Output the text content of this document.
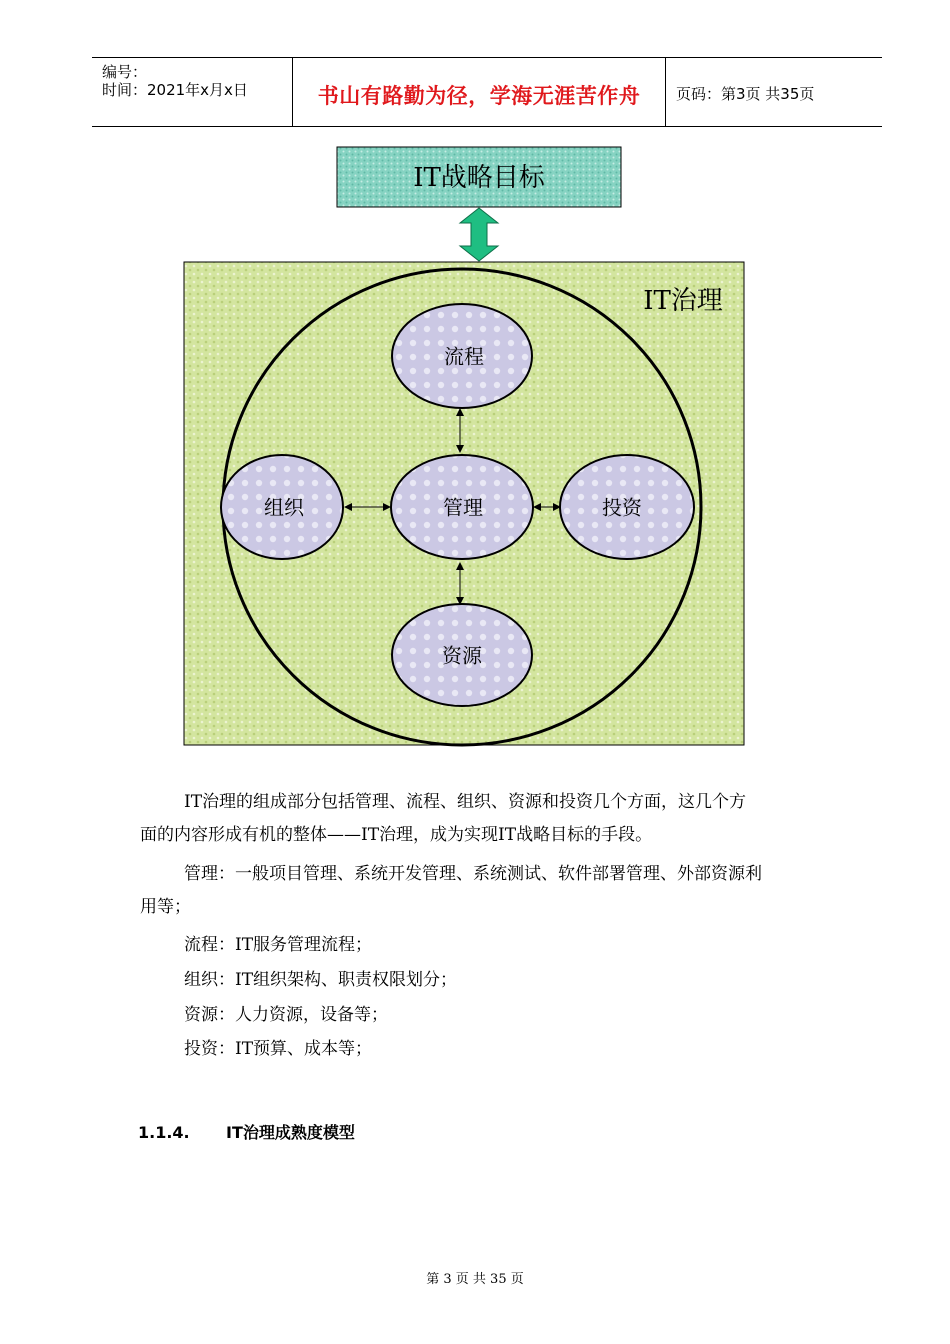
编号：
时间：2021年x月x日	书山有路勤为径，学海无涯苦作舟	页码：第3页 共35页
IT战略目标
IT治理
流程
管理
组织	投资
资源
IT治理的组成部分包括管理、流程、组织、资源和投资几个方面，这几个方
面的内容形成有机的整体——IT治理，成为实现IT战略目标的手段。
管理：一般项目管理、系统开发管理、系统测试、软件部署管理、外部资源利
用等；
流程：IT服务管理流程；
组织：IT组织架构、职责权限划分；
资源：人力资源，设备等；
投资：IT预算、成本等；
1.1.4. IT治理成熟度模型
第 3 页 共 35 页
